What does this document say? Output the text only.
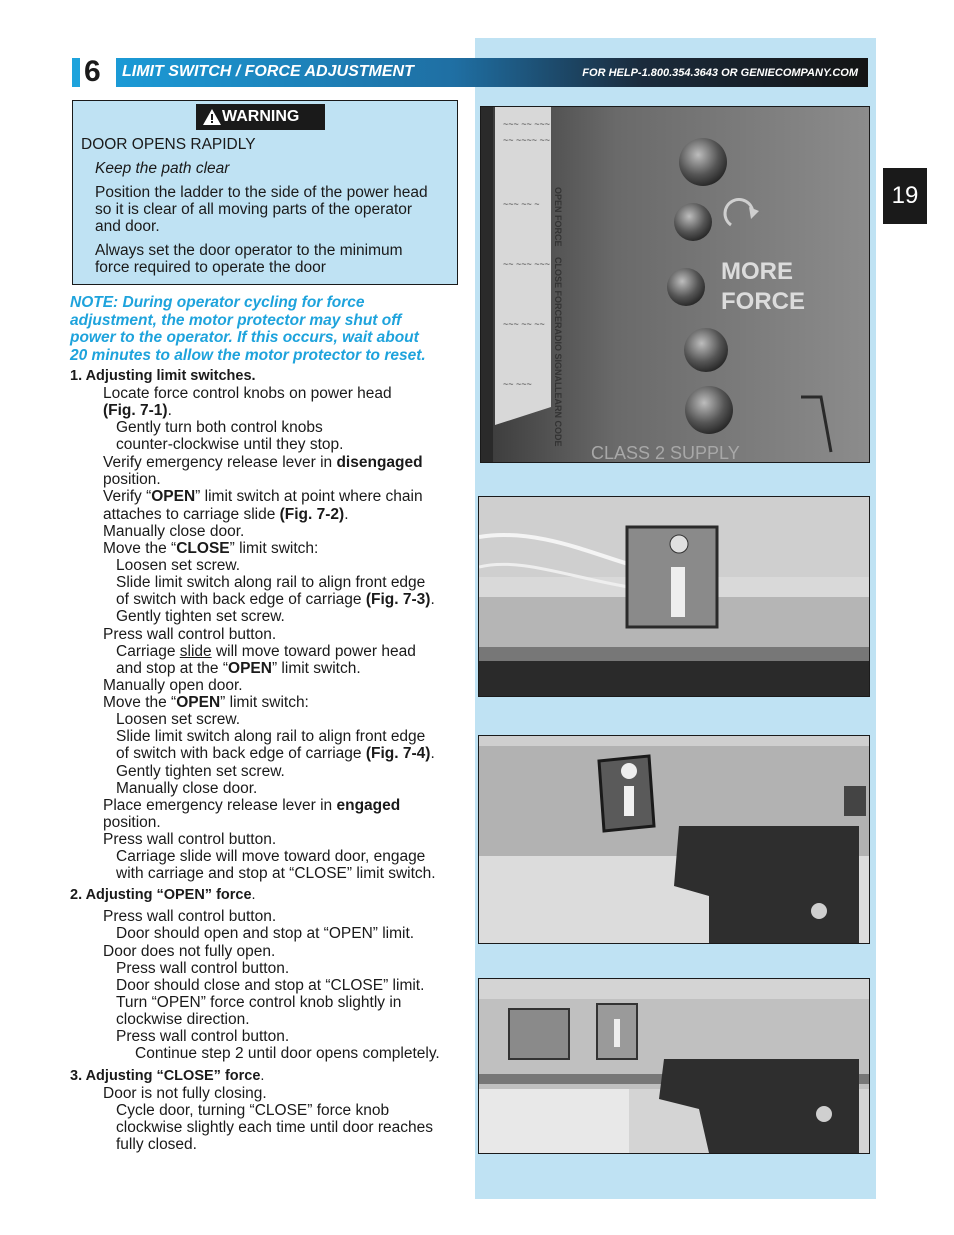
6	LIMIT SWITCH / FORCE ADJUSTMENT	FOR HELP-1.800.354.3643 OR GENIECOMPANY.COM
19
WARNING
DOOR OPENS RAPIDLY
Keep the path clear
Position the ladder to the side of the power head
so it is clear of all moving parts of the operator
and door.
Always set the door operator to the minimum
force required to operate the door
NOTE: During operator cycling for force
adjustment, the motor protector may shut off
power to the operator. If this occurs, wait about
20 minutes to allow the motor protector to reset.
1. Adjusting limit switches.
Locate force control knobs on power head
(Fig. 7-1).
Gently turn both control knobs
counter-clockwise until they stop.
Verify emergency release lever in disengaged
position.
Verify “OPEN” limit switch at point where chain
attaches to carriage slide (Fig. 7-2).
Manually close door.
Move the “CLOSE” limit switch:
Loosen set screw.
Slide limit switch along rail to align front edge
of switch with back edge of carriage (Fig. 7-3).
Gently tighten set screw.
Press wall control button.
Carriage slide will move toward power head
and stop at the “OPEN” limit switch.
Manually open door.
Move the “OPEN” limit switch:
Loosen set screw.
Slide limit switch along rail to align front edge
of switch with back edge of carriage (Fig. 7-4).
Gently tighten set screw.
Manually close door.
Place emergency release lever in engaged
position.
Press wall control button.
Carriage slide will move toward door, engage
with carriage and stop at “CLOSE” limit switch.
2. Adjusting “OPEN” force.
Press wall control button.
Door should open and stop at “OPEN” limit.
Door does not fully open.
Press wall control button.
Door should close and stop at “CLOSE” limit.
Turn “OPEN” force control knob slightly in
clockwise direction.
Press wall control button.
Continue step 2 until door opens completely.
3. Adjusting “CLOSE” force.
Door is not fully closing.
Cycle door, turning “CLOSE” force knob
clockwise slightly each time until door reaches
fully closed.
~~~ ~~ ~~~
~~ ~~~~ ~~
~~~ ~~ ~
~~ ~~~ ~~~
~~~ ~~ ~~
~~ ~~~
OPEN FORCE
CLOSE FORCE
RADIO SIGNAL
LEARN CODE
MORE
FORCE
CLASS 2 SUPPLY
